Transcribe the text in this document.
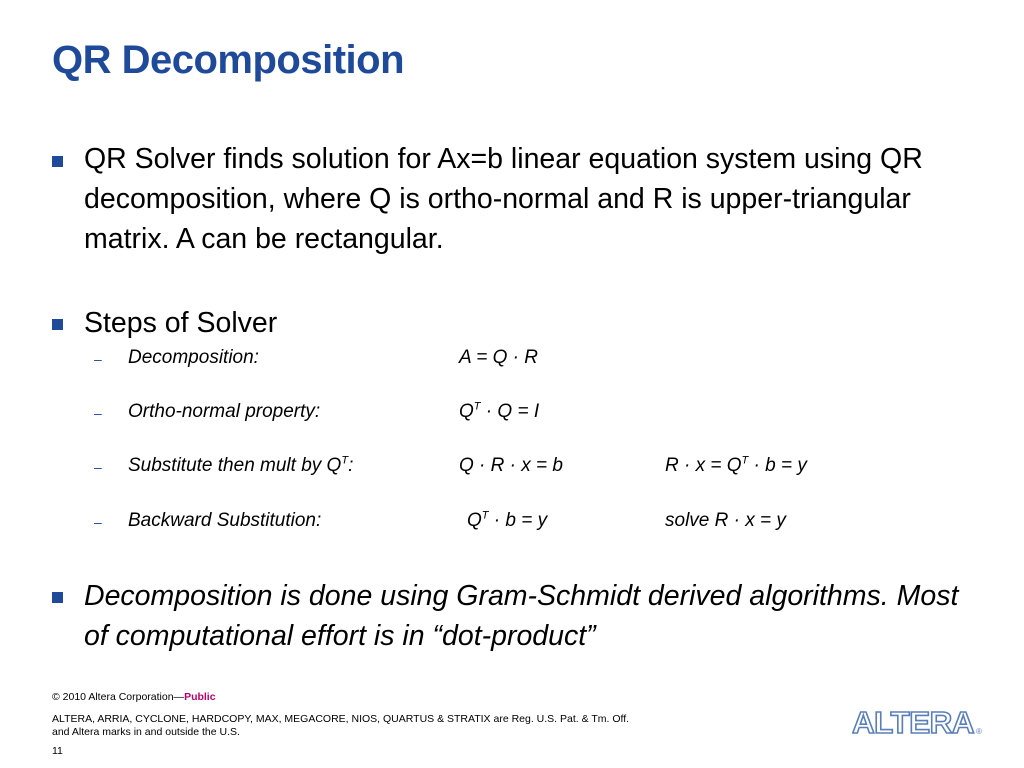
QR Decomposition

QR Solver finds solution for Ax=b linear equation system using QR decomposition, where Q is ortho-normal and R is upper-triangular matrix. A can be rectangular.

Steps of Solver

– Decomposition:	A = Q · R
– Ortho-normal property:	$Q^T \cdot Q = I$
– Substitute then mult by $Q^T$:	Q · R · x = b	$R \cdot x = Q^T \cdot b = y$
– Backward Substitution:	$Q^T \cdot b = y$	solve R · x = y

Decomposition is done using Gram-Schmidt derived algorithms. Most of computational effort is in “dot-product”

© 2010 Altera Corporation—Public
ALTERA, ARRIA, CYCLONE, HARDCOPY, MAX, MEGACORE, NIOS, QUARTUS & STRATIX are Reg. U.S. Pat. & Tm. Off.
and Altera marks in and outside the U.S.
11
ALTERA ®
